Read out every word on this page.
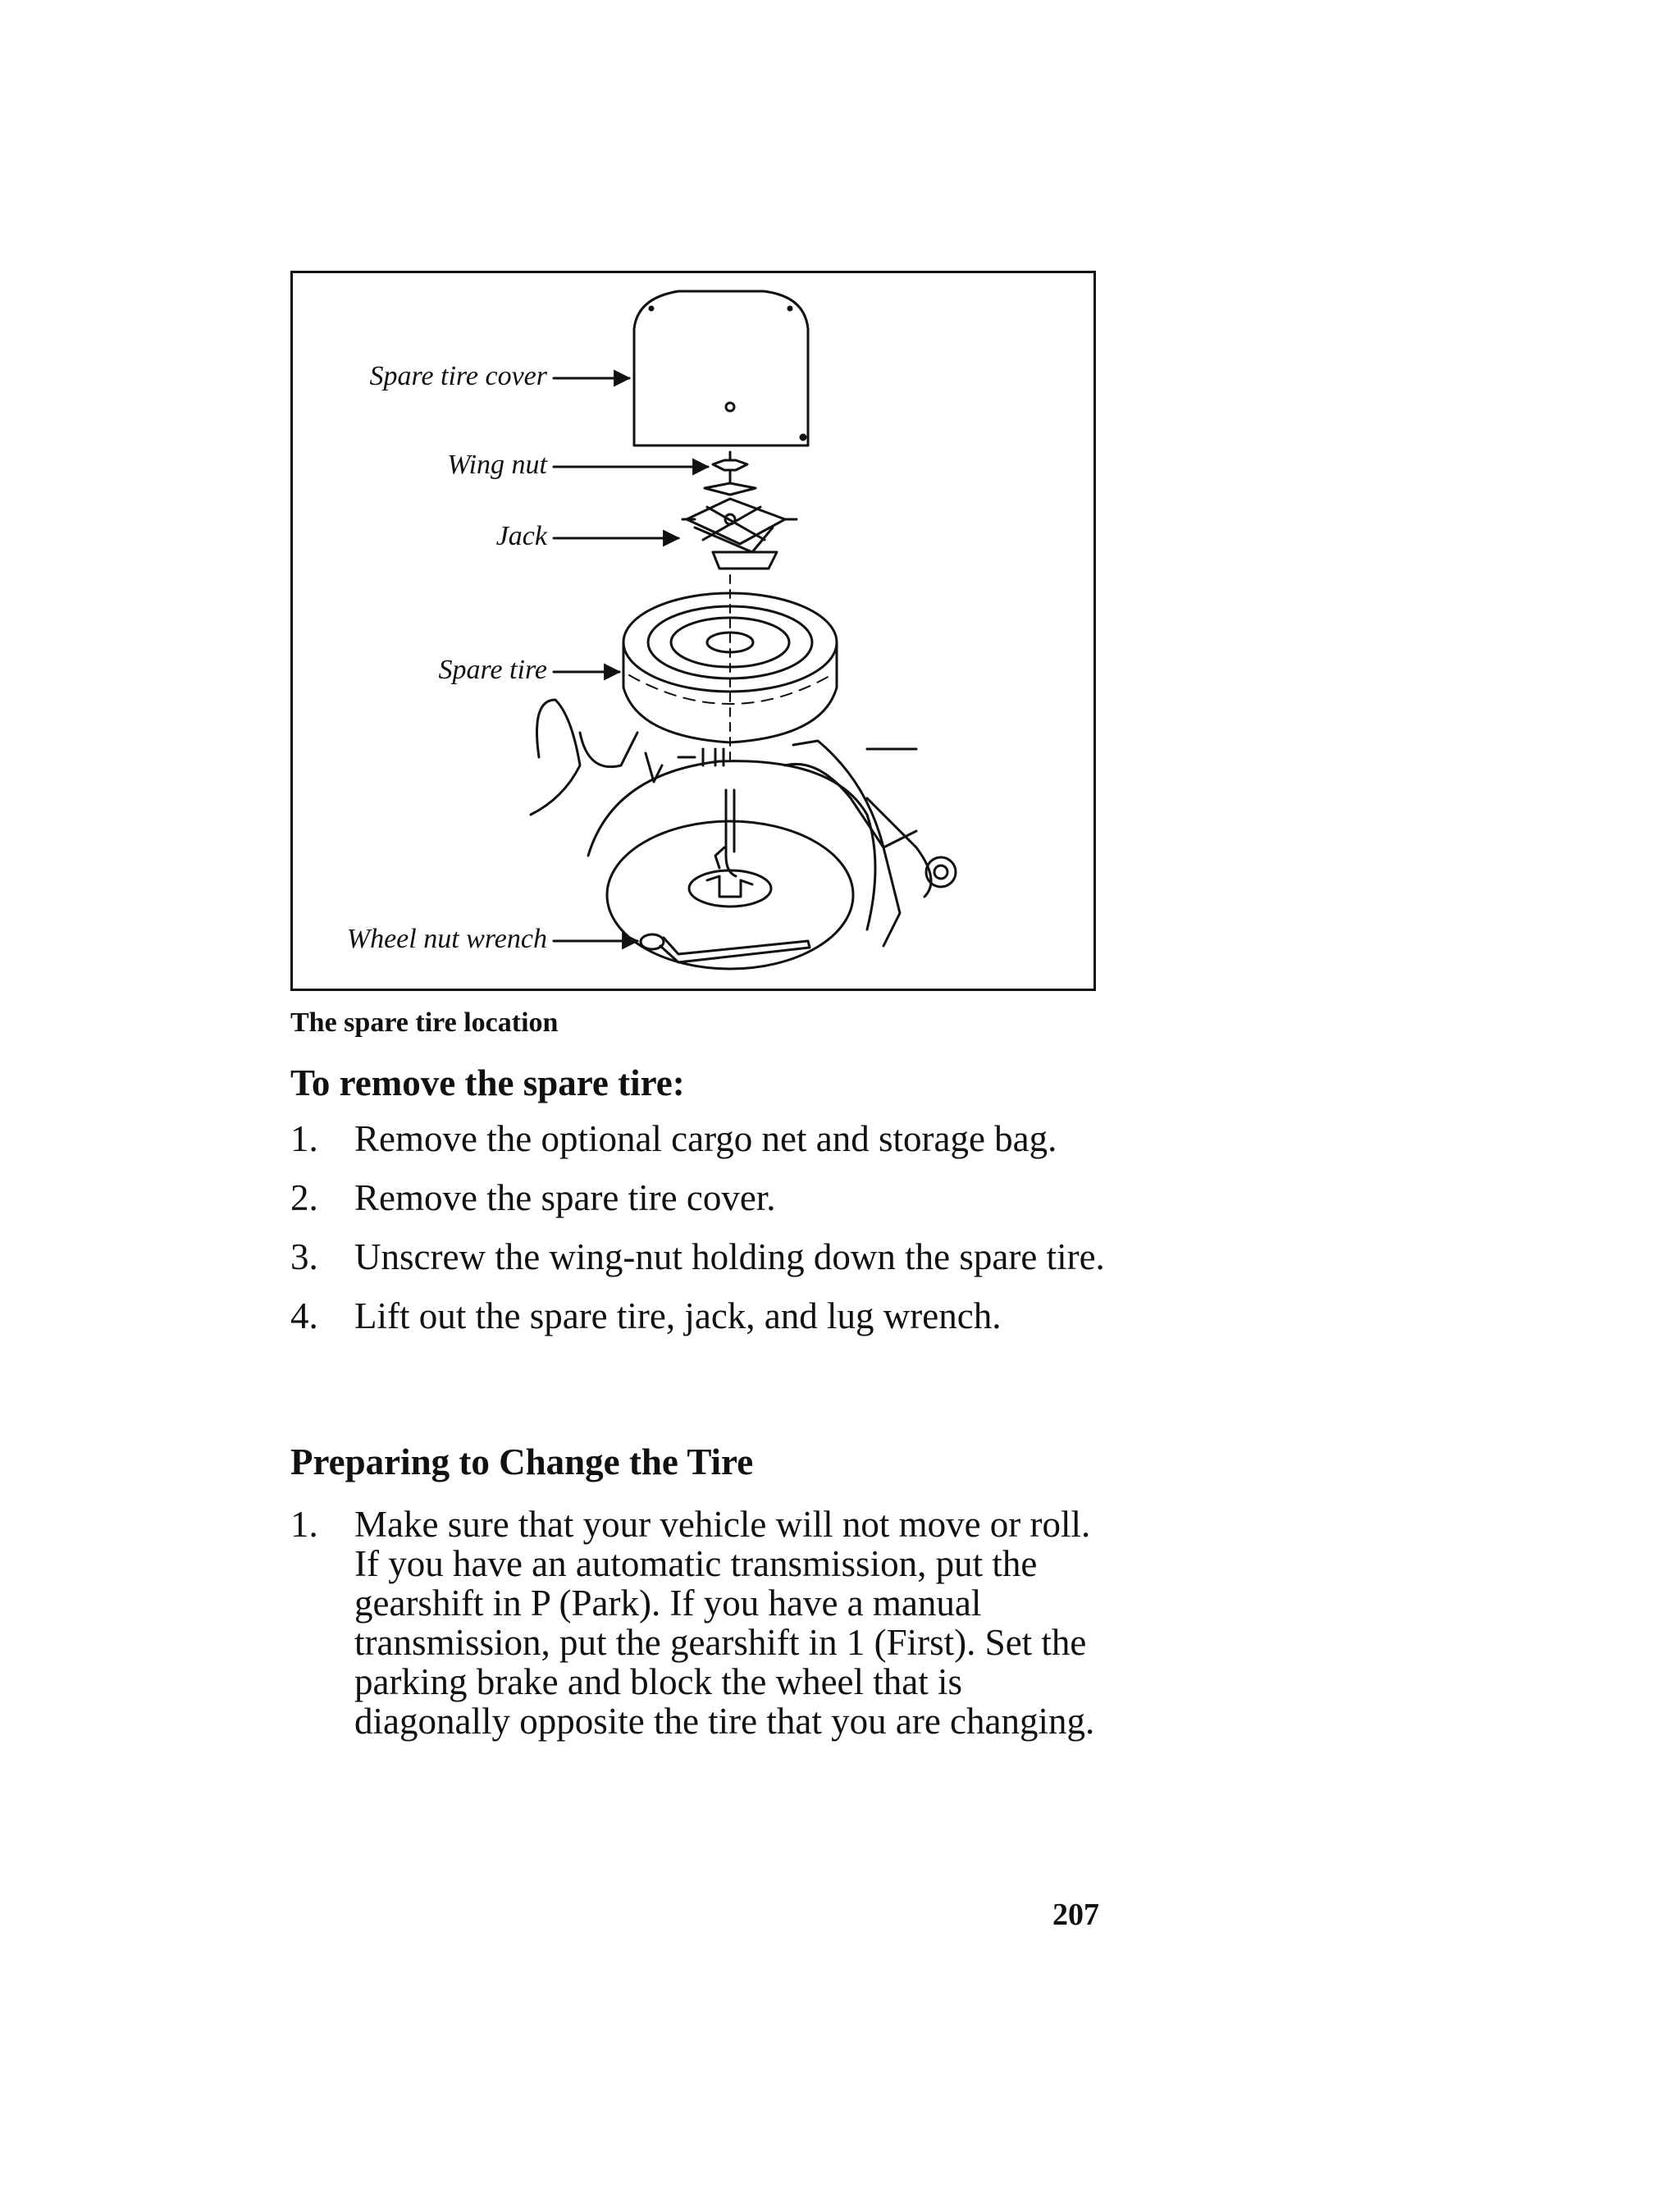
Spare tire cover
Wing nut
Jack
Spare tire
Wheel nut wrench
The spare tire location
To remove the spare tire:
1. Remove the optional cargo net and storage bag.
2. Remove the spare tire cover.
3. Unscrew the wing-nut holding down the spare tire.
4. Lift out the spare tire, jack, and lug wrench.
Preparing to Change the Tire
1. Make sure that your vehicle will not move or roll. If you have an automatic transmission, put the gearshift in P (Park). If you have a manual transmission, put the gearshift in 1 (First). Set the parking brake and block the wheel that is diagonally opposite the tire that you are changing.
207
